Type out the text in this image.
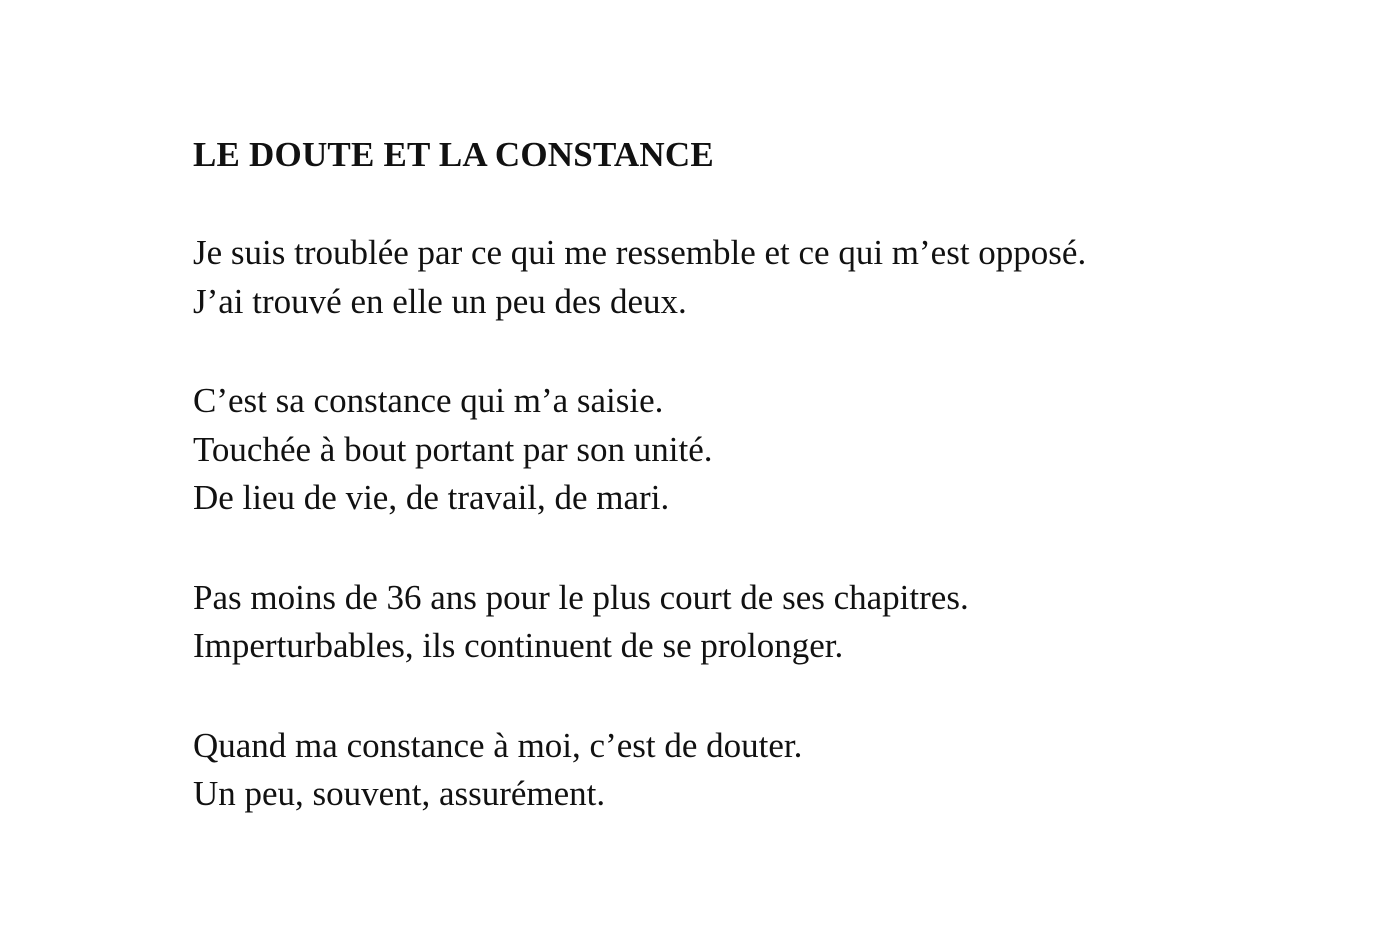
LE DOUTE ET LA CONSTANCE
Je suis troublée par ce qui me ressemble et ce qui m’est opposé.
J’ai trouvé en elle un peu des deux.
C’est sa constance qui m’a saisie.
Touchée à bout portant par son unité.
De lieu de vie, de travail, de mari.
Pas moins de 36 ans pour le plus court de ses chapitres.
Imperturbables, ils continuent de se prolonger.
Quand ma constance à moi, c’est de douter.
Un peu, souvent, assurément.
